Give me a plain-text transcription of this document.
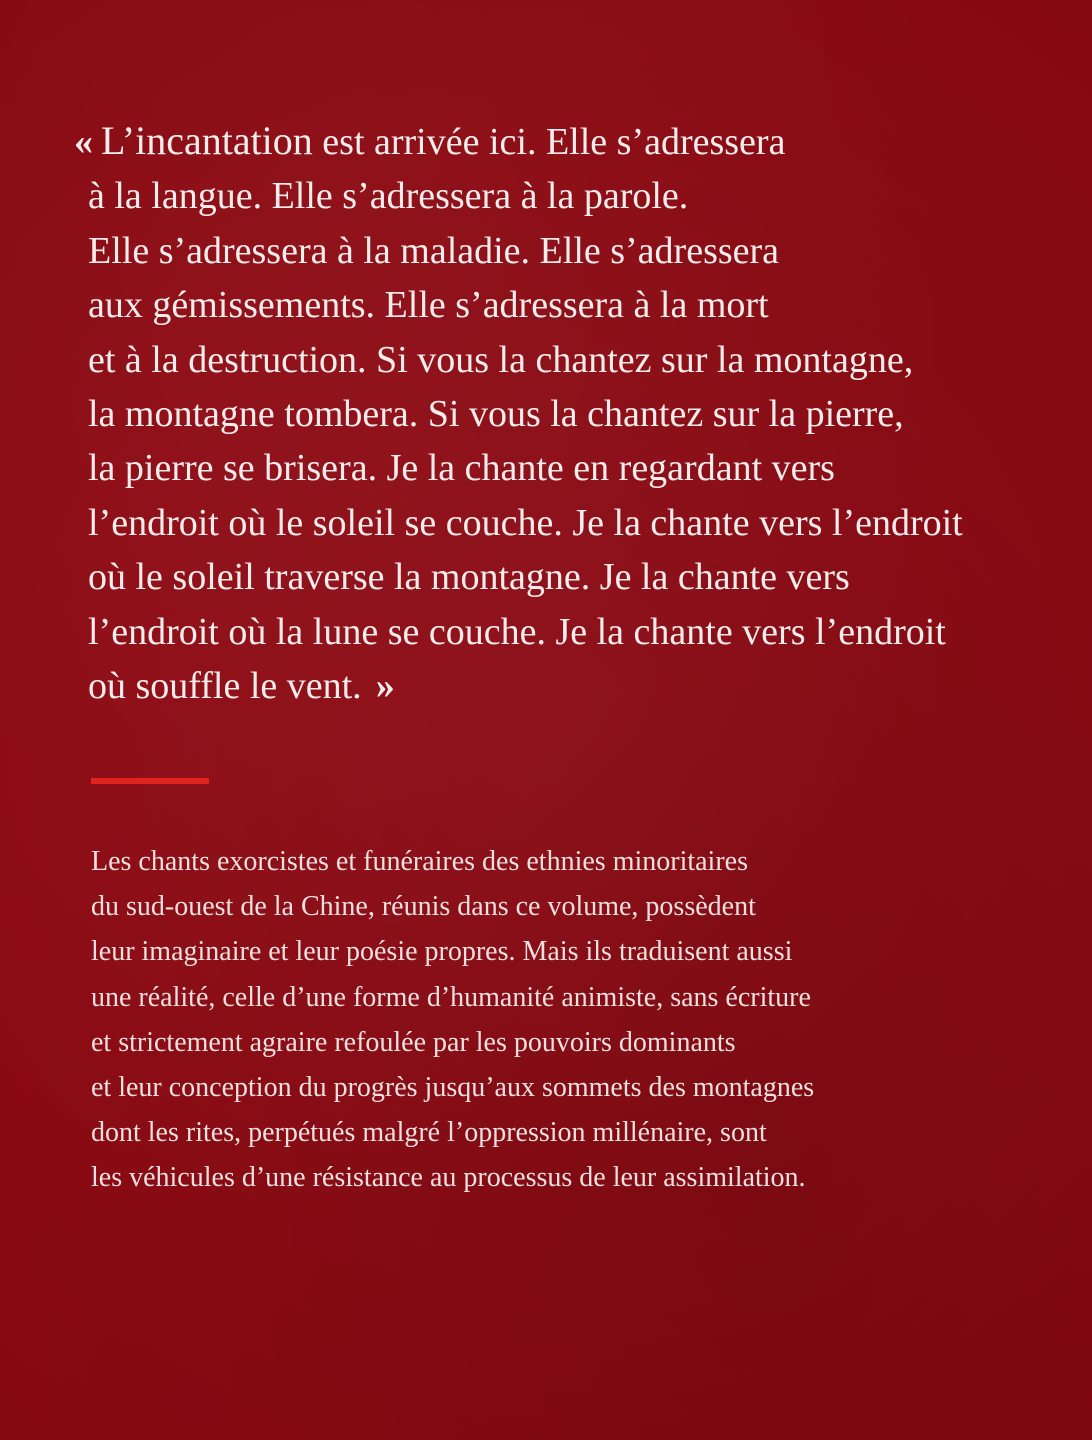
« L’incantation est arrivée ici. Elle s’adressera
à la langue. Elle s’adressera à la parole.
Elle s’adressera à la maladie. Elle s’adressera
aux gémissements. Elle s’adressera à la mort
et à la destruction. Si vous la chantez sur la montagne,
la montagne tombera. Si vous la chantez sur la pierre,
la pierre se brisera. Je la chante en regardant vers
l’endroit où le soleil se couche. Je la chante vers l’endroit
où le soleil traverse la montagne. Je la chante vers
l’endroit où la lune se couche. Je la chante vers l’endroit
où souffle le vent. »

Les chants exorcistes et funéraires des ethnies minoritaires
du sud-ouest de la Chine, réunis dans ce volume, possèdent
leur imaginaire et leur poésie propres. Mais ils traduisent aussi
une réalité, celle d’une forme d’humanité animiste, sans écriture
et strictement agraire refoulée par les pouvoirs dominants
et leur conception du progrès jusqu’aux sommets des montagnes
dont les rites, perpétués malgré l’oppression millénaire, sont
les véhicules d’une résistance au processus de leur assimilation.
